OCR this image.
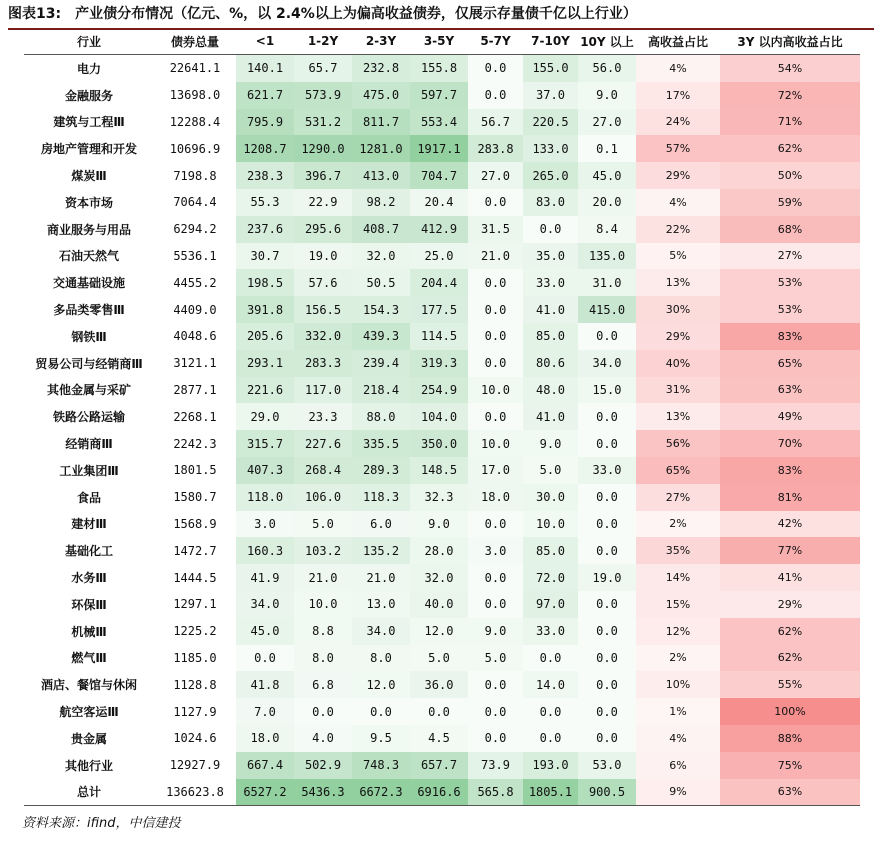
图表13: 产业债分布情况（亿元、%，以 2.4%以上为偏高收益债券，仅展示存量债千亿以上行业）
行业	债券总量	<1	1-2Y	2-3Y	3-5Y	5-7Y	7-10Y	10Y 以上	高收益占比	3Y 以内高收益占比
电力	22641.1	140.1	65.7	232.8	155.8	0.0	155.0	56.0	4%	54%
金融服务	13698.0	621.7	573.9	475.0	597.7	0.0	37.0	9.0	17%	72%
建筑与工程Ⅲ	12288.4	795.9	531.2	811.7	553.4	56.7	220.5	27.0	24%	71%
房地产管理和开发	10696.9	1208.7	1290.0	1281.0	1917.1	283.8	133.0	0.1	57%	62%
煤炭Ⅲ	7198.8	238.3	396.7	413.0	704.7	27.0	265.0	45.0	29%	50%
资本市场	7064.4	55.3	22.9	98.2	20.4	0.0	83.0	20.0	4%	59%
商业服务与用品	6294.2	237.6	295.6	408.7	412.9	31.5	0.0	8.4	22%	68%
石油天然气	5536.1	30.7	19.0	32.0	25.0	21.0	35.0	135.0	5%	27%
交通基础设施	4455.2	198.5	57.6	50.5	204.4	0.0	33.0	31.0	13%	53%
多品类零售Ⅲ	4409.0	391.8	156.5	154.3	177.5	0.0	41.0	415.0	30%	53%
钢铁Ⅲ	4048.6	205.6	332.0	439.3	114.5	0.0	85.0	0.0	29%	83%
贸易公司与经销商Ⅲ	3121.1	293.1	283.3	239.4	319.3	0.0	80.6	34.0	40%	65%
其他金属与采矿	2877.1	221.6	117.0	218.4	254.9	10.0	48.0	15.0	31%	63%
铁路公路运输	2268.1	29.0	23.3	88.0	104.0	0.0	41.0	0.0	13%	49%
经销商Ⅲ	2242.3	315.7	227.6	335.5	350.0	10.0	9.0	0.0	56%	70%
工业集团Ⅲ	1801.5	407.3	268.4	289.3	148.5	17.0	5.0	33.0	65%	83%
食品	1580.7	118.0	106.0	118.3	32.3	18.0	30.0	0.0	27%	81%
建材Ⅲ	1568.9	3.0	5.0	6.0	9.0	0.0	10.0	0.0	2%	42%
基础化工	1472.7	160.3	103.2	135.2	28.0	3.0	85.0	0.0	35%	77%
水务Ⅲ	1444.5	41.9	21.0	21.0	32.0	0.0	72.0	19.0	14%	41%
环保Ⅲ	1297.1	34.0	10.0	13.0	40.0	0.0	97.0	0.0	15%	29%
机械Ⅲ	1225.2	45.0	8.8	34.0	12.0	9.0	33.0	0.0	12%	62%
燃气Ⅲ	1185.0	0.0	8.0	8.0	5.0	5.0	0.0	0.0	2%	62%
酒店、餐馆与休闲	1128.8	41.8	6.8	12.0	36.0	0.0	14.0	0.0	10%	55%
航空客运Ⅲ	1127.9	7.0	0.0	0.0	0.0	0.0	0.0	0.0	1%	100%
贵金属	1024.6	18.0	4.0	9.5	4.5	0.0	0.0	0.0	4%	88%
其他行业	12927.9	667.4	502.9	748.3	657.7	73.9	193.0	53.0	6%	75%
总计	136623.8	6527.2	5436.3	6672.3	6916.6	565.8	1805.1	900.5	9%	63%
资料来源：ifind，中信建投
